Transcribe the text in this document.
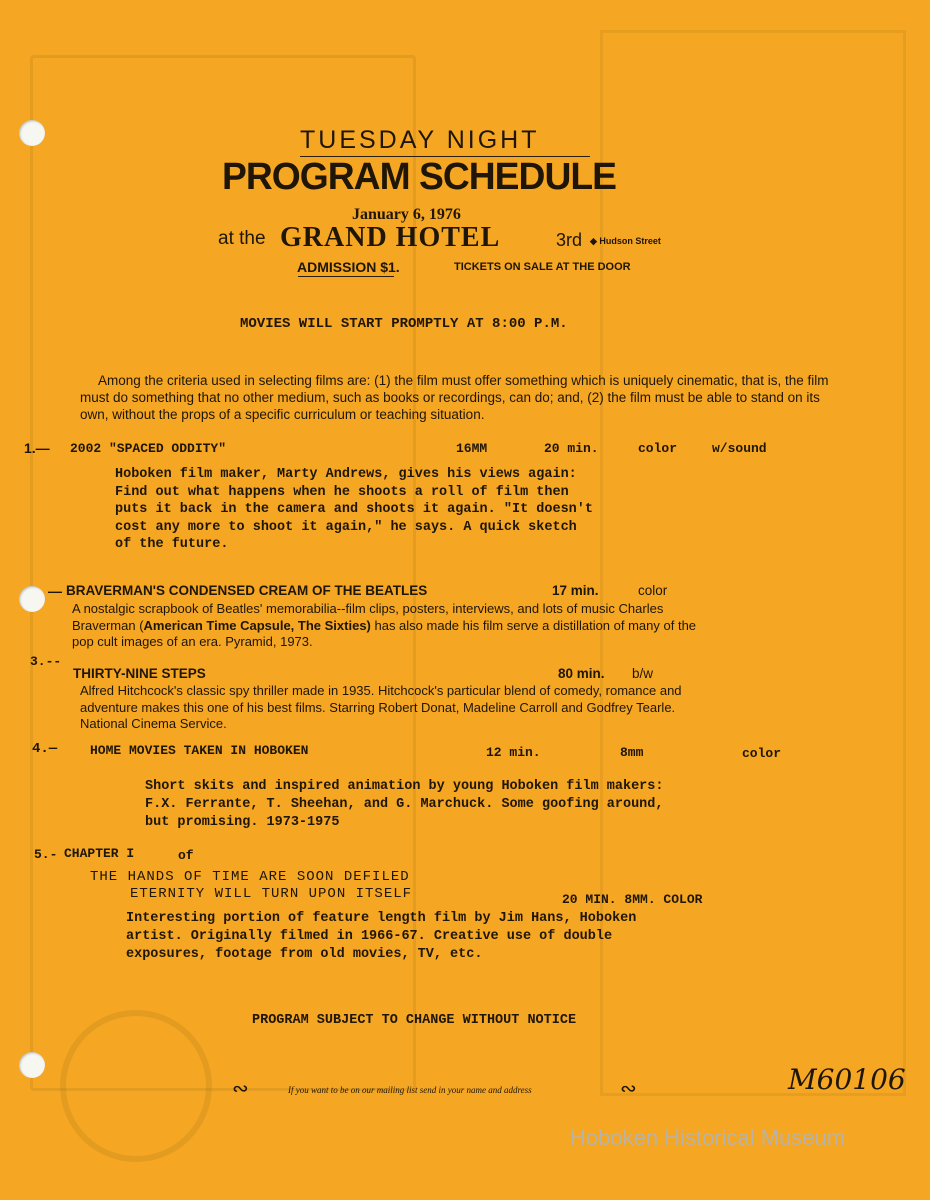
TUESDAY NIGHT
PROGRAM SCHEDULE
January 6, 1976
at the GRAND HOTEL	3rd ◆ Hudson Street
ADMISSION $1.	TICKETS ON SALE AT THE DOOR
MOVIES WILL START PROMPTLY AT 8:00 P.M.

Among the criteria used in selecting films are: (1) the film must offer something which is uniquely cinematic, that is, the film must do something that no other medium, such as books or recordings, can do; and, (2) the film must be able to stand on its own, without the props of a specific curriculum or teaching situation.

1.— 2002 "SPACED ODDITY"	16MM	20 min.	color	w/sound
Hoboken film maker, Marty Andrews, gives his views again:
Find out what happens when he shoots a roll of film then
puts it back in the camera and shoots it again. "It doesn't
cost any more to shoot it again," he says. A quick sketch
of the future.
— BRAVERMAN'S CONDENSED CREAM OF THE BEATLES	17 min.	color
A nostalgic scrapbook of Beatles' memorabilia--film clips, posters, interviews, and lots of music Charles
Braverman (American Time Capsule, The Sixties) has also made his film serve a distillation of many of the
pop cult images of an era. Pyramid, 1973.
3.--
THIRTY-NINE STEPS	80 min. b/w
Alfred Hitchcock's classic spy thriller made in 1935. Hitchcock's particular blend of comedy, romance and
adventure makes this one of his best films. Starring Robert Donat, Madeline Carroll and Godfrey Tearle.
National Cinema Service.
4.—	HOME MOVIES TAKEN IN HOBOKEN	12 min.	8mm	color
Short skits and inspired animation by young Hoboken film makers:
F.X. Ferrante, T. Sheehan, and G. Marchuck. Some goofing around,
but promising. 1973-1975
5.- CHAPTER I	of
THE HANDS OF TIME ARE SOON DEFILED
ETERNITY WILL TURN UPON ITSELF	20 MIN. 8MM. COLOR
Interesting portion of feature length film by Jim Hans, Hoboken
artist. Originally filmed in 1966-67. Creative use of double
exposures, footage from old movies, TV, etc.
PROGRAM SUBJECT TO CHANGE WITHOUT NOTICE
∾	If you want to be on our mailing list send in your name and address	∾	M60106
Hoboken Historical Museum
